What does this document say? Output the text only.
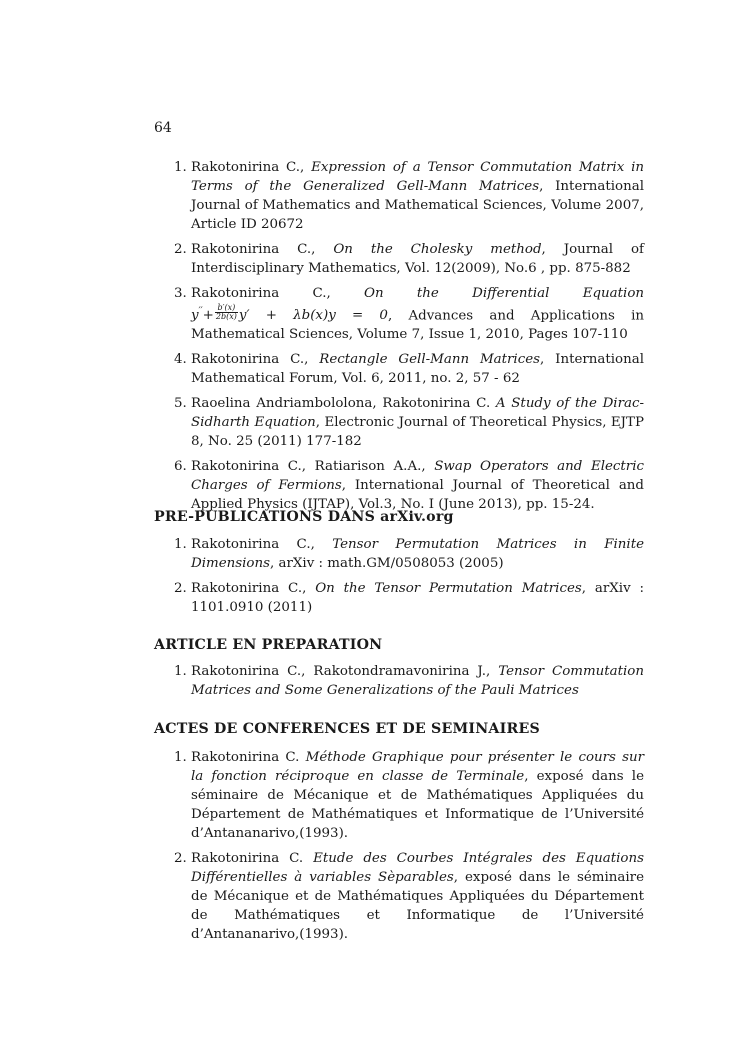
64
1. Rakotonirina C., Expression of a Tensor Commutation Matrix in Terms of the Generalized Gell-Mann Matrices, International Journal of Mathematics and Mathematical Sciences, Volume 2007, Article ID 20672
2. Rakotonirina C., On the Cholesky method, Journal of Interdisciplinary Mathematics, Vol. 12(2009), No.6 , pp. 875-882
3. Rakotonirina C., On the Differential Equation $y''+ \frac{b'(x)}{2b(x)} y' + \lambda b(x)y = 0$, Advances and Applications in Mathematical Sciences, Volume 7, Issue 1, 2010, Pages 107-110
4. Rakotonirina C., Rectangle Gell-Mann Matrices, International Mathematical Forum, Vol. 6, 2011, no. 2, 57 - 62
5. Raoelina Andriambololona, Rakotonirina C. A Study of the Dirac-Sidharth Equation, Electronic Journal of Theoretical Physics, EJTP 8, No. 25 (2011) 177-182
6. Rakotonirina C., Ratiarison A.A., Swap Operators and Electric Charges of Fermions, International Journal of Theoretical and Applied Physics (IJTAP), Vol.3, No. I (June 2013), pp. 15-24.
PRE-PUBLICATIONS DANS arXiv.org
1. Rakotonirina C., Tensor Permutation Matrices in Finite Dimensions, arXiv : math.GM/0508053 (2005)
2. Rakotonirina C., On the Tensor Permutation Matrices, arXiv : 1101.0910 (2011)
ARTICLE EN PREPARATION
1. Rakotonirina C., Rakotondramavonirina J., Tensor Commutation Matrices and Some Generalizations of the Pauli Matrices
ACTES DE CONFERENCES ET DE SEMINAIRES
1. Rakotonirina C. Méthode Graphique pour présenter le cours sur la fonction réciproque en classe de Terminale, exposé dans le séminaire de Mécanique et de Mathématiques Appliquées du Département de Mathématiques et Informatique de l’Université d’Antananarivo,(1993).
2. Rakotonirina C. Etude des Courbes Intégrales des Equations Différentielles à variables Sèparables, exposé dans le séminaire de Mécanique et de Mathématiques Appliquées du Département de Mathématiques et Informatique de l’Université d’Antananarivo,(1993).
